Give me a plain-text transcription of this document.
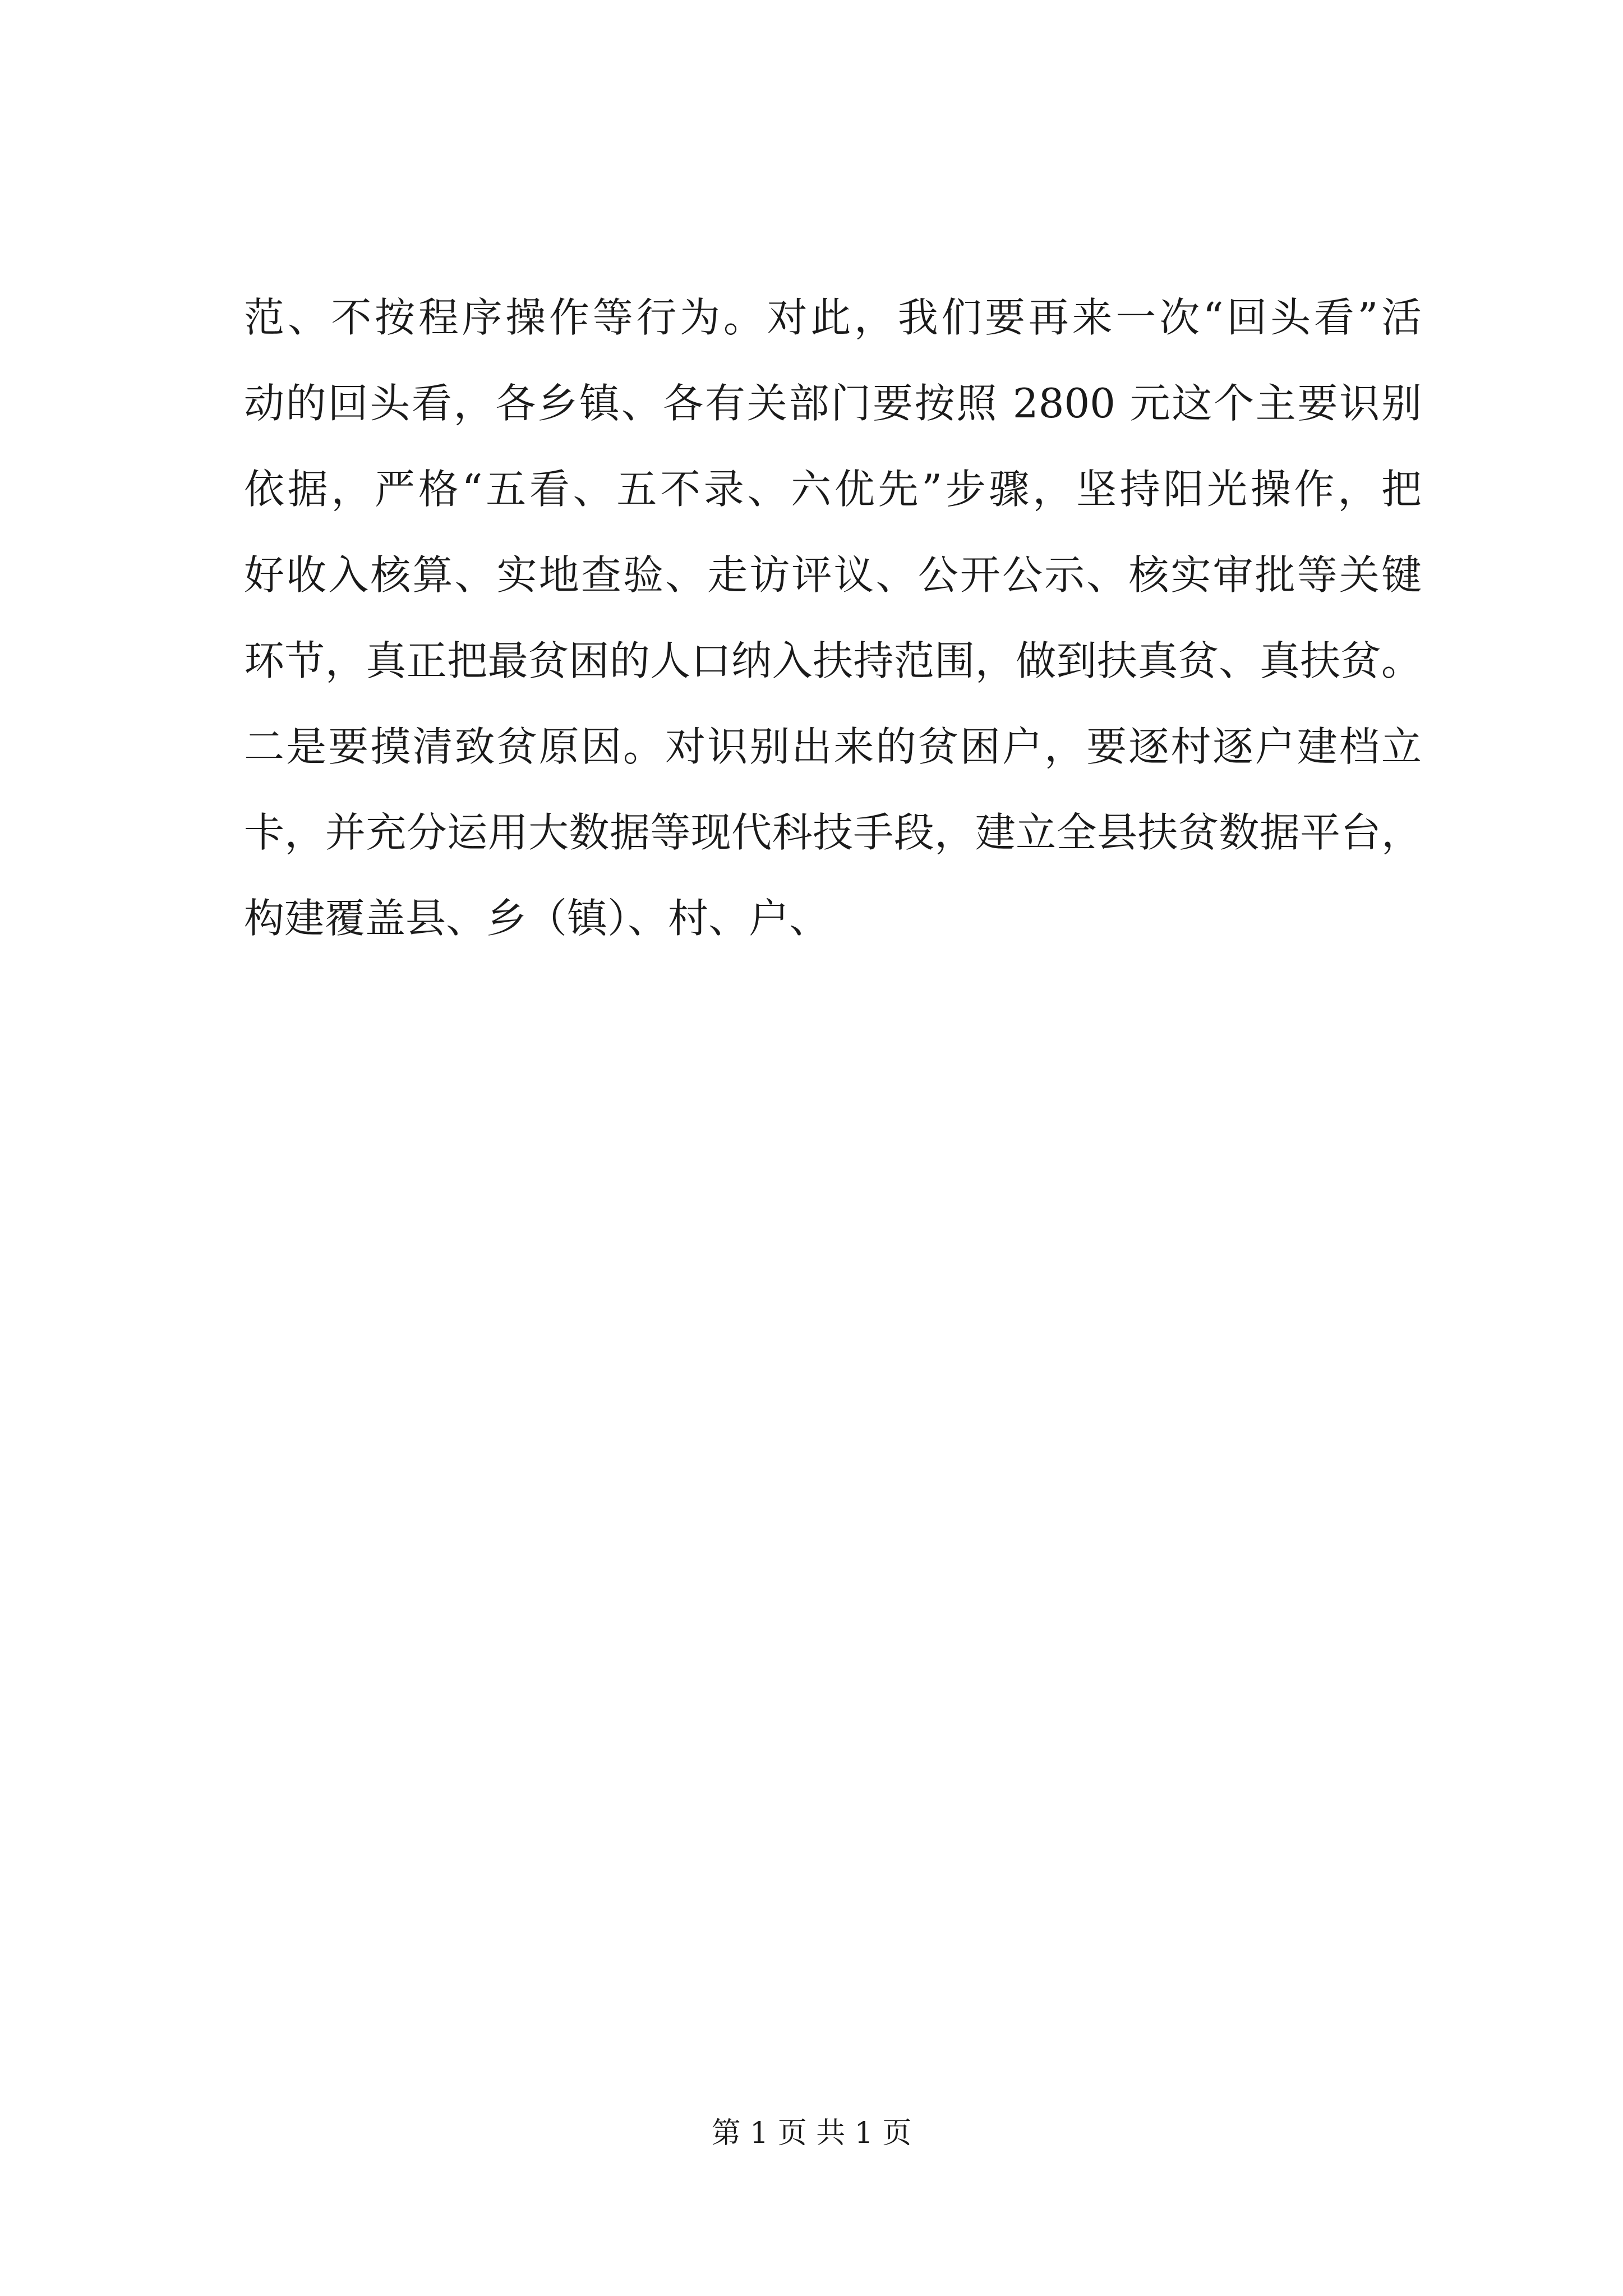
范、不按程序操作等行为。对此，我们要再来一次“回头看”活
动的回头看，各乡镇、各有关部门要按照 2800 元这个主要识别
依据，严格“五看、五不录、六优先”步骤，坚持阳光操作，把
好收入核算、实地查验、走访评议、公开公示、核实审批等关键
环节，真正把最贫困的人口纳入扶持范围，做到扶真贫、真扶贫。
二是要摸清致贫原因。对识别出来的贫困户，要逐村逐户建档立
卡，并充分运用大数据等现代科技手段，建立全县扶贫数据平台，
构建覆盖县、乡（镇）、村、户、
第 1 页 共 1 页
